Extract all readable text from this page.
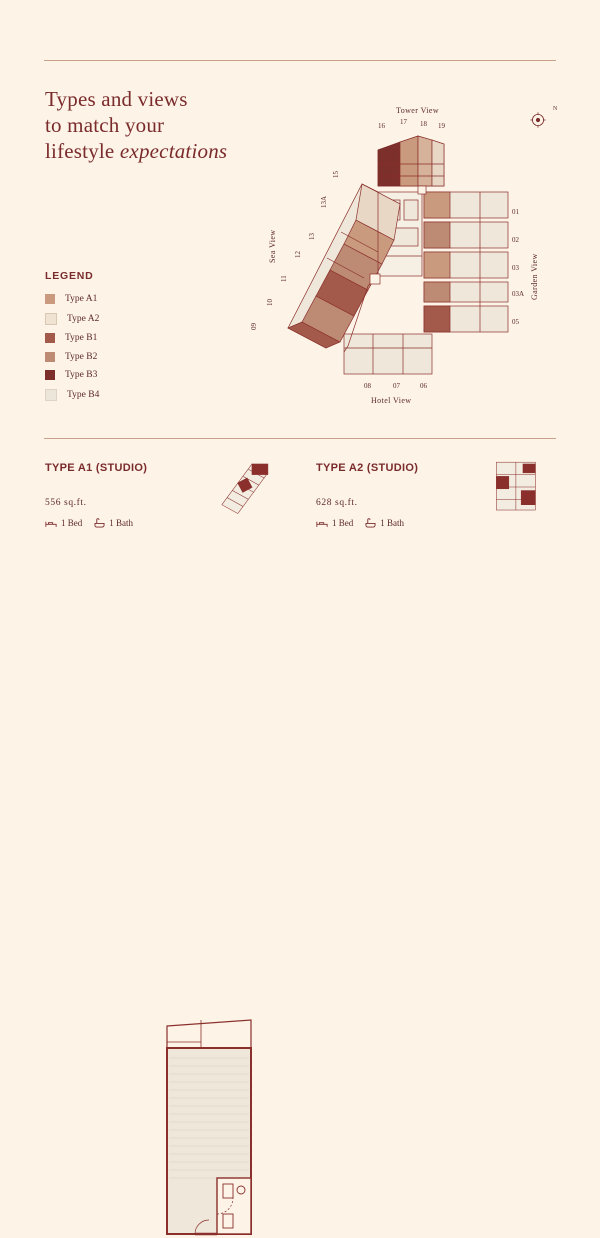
Types and views
to match your
lifestyle expectations
LEGEND
Type A1
Type A2
Type B1
Type B2
Type B3
Type B4
Tower View
Hotel View
Sea View
Garden View
N
16 17 18 19
01
02
03
03A
05
08	07	06
15
13A
13
12
11
10
09
TYPE A1 (STUDIO)
556 sq.ft.
1 Bed	1 Bath
TYPE A2 (STUDIO)
628 sq.ft.
1 Bed	1 Bath
